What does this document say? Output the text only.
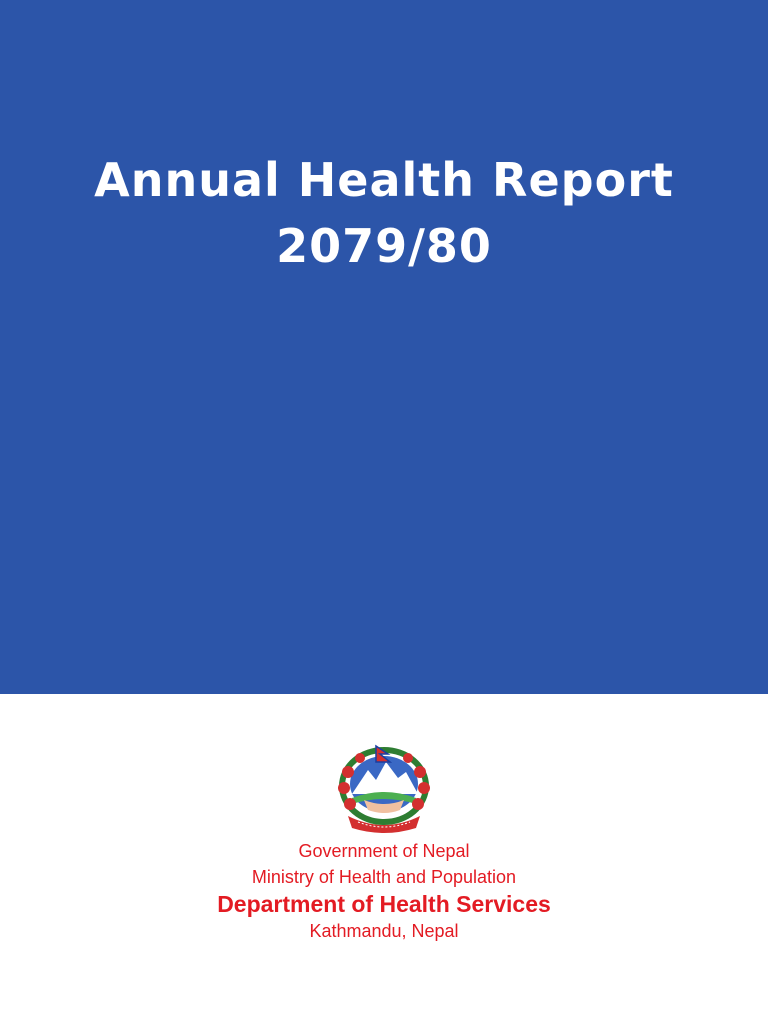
Annual Health Report
2079/80

Government of Nepal

Ministry of Health and Population

Department of Health Services

Kathmandu, Nepal
